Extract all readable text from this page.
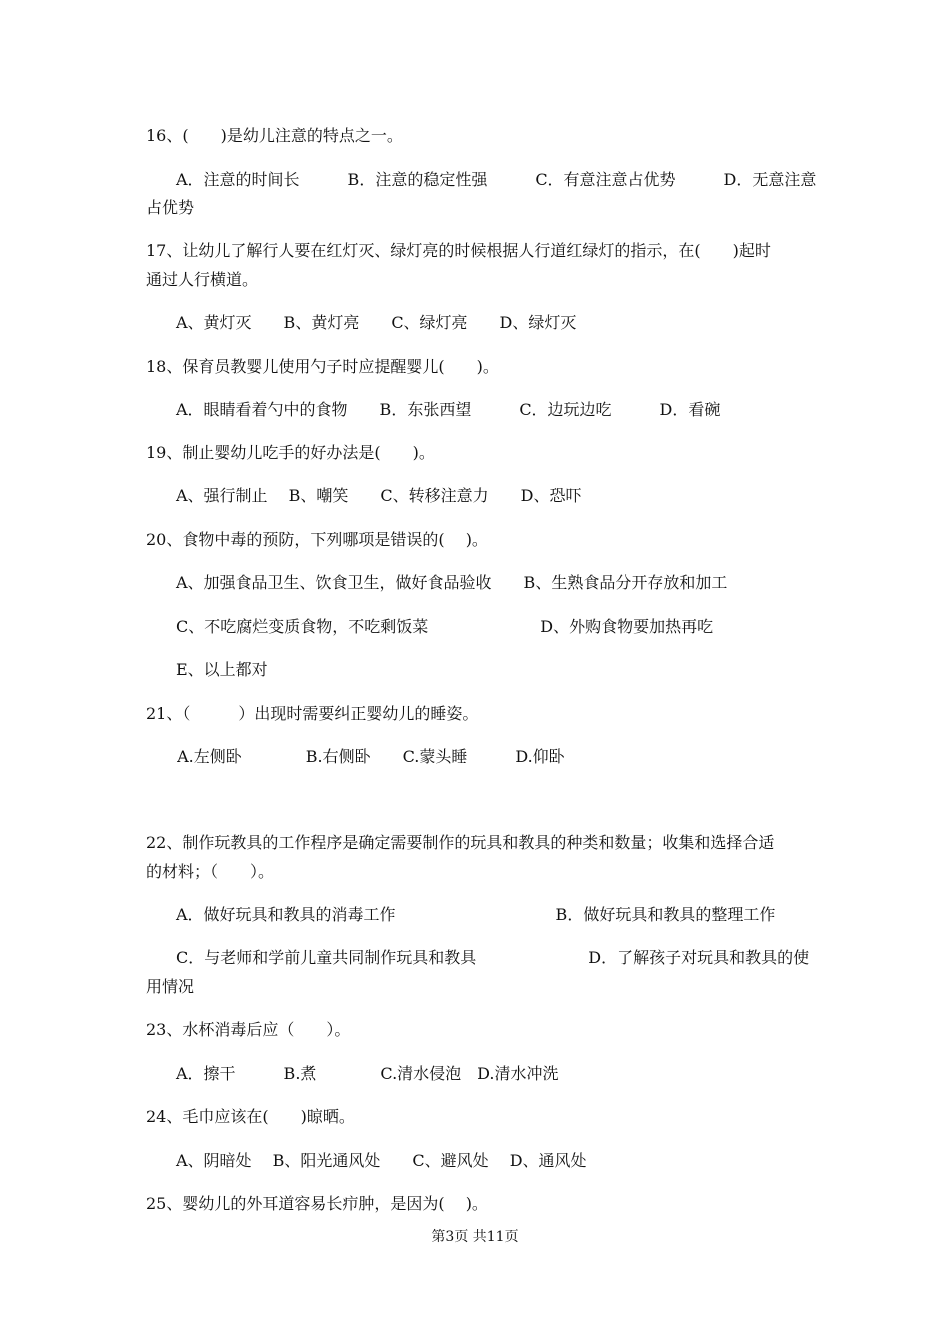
16、(　　)是幼儿注意的特点之一。
A．注意的时间长　　　B．注意的稳定性强　　　C．有意注意占优势　　　D．无意注意
占优势
17、让幼儿了解行人要在红灯灭、绿灯亮的时候根据人行道红绿灯的指示，在(　　)起时
通过人行横道。
A、黄灯灭　　B、黄灯亮　　C、绿灯亮　　D、绿灯灭
18、保育员教婴儿使用勺子时应提醒婴儿(　　)。
A．眼睛看着勺中的食物　　B．东张西望　　　C．边玩边吃　　　D．看碗
19、制止婴幼儿吃手的好办法是(　　)。
A、强行制止　 B、嘲笑　　C、转移注意力　　D、恐吓
20、食物中毒的预防，下列哪项是错误的(　 )。
A、加强食品卫生、饮食卫生，做好食品验收　　B、生熟食品分开存放和加工
C、不吃腐烂变质食物，不吃剩饭菜　　　　　　　D、外购食物要加热再吃
E、以上都对
21、（　　　）出现时需要纠正婴幼儿的睡姿。
A.左侧卧　　　　B.右侧卧　　C.蒙头睡　　　D.仰卧
22、制作玩教具的工作程序是确定需要制作的玩具和教具的种类和数量；收集和选择合适
的材料；（　　）。
A．做好玩具和教具的消毒工作　　　　　　　　　　B．做好玩具和教具的整理工作
C．与老师和学前儿童共同制作玩具和教具　　　　　　　D．了解孩子对玩具和教具的使
用情况
23、水杯消毒后应（　　）。
A．擦干　　　B.煮　　　　C.清水侵泡　D.清水冲洗
24、毛巾应该在(　　)晾晒。
A、阴暗处　 B、阳光通风处　　C、避风处　 D、通风处
25、婴幼儿的外耳道容易长疖肿，是因为(　 )。
第3页 共11页
